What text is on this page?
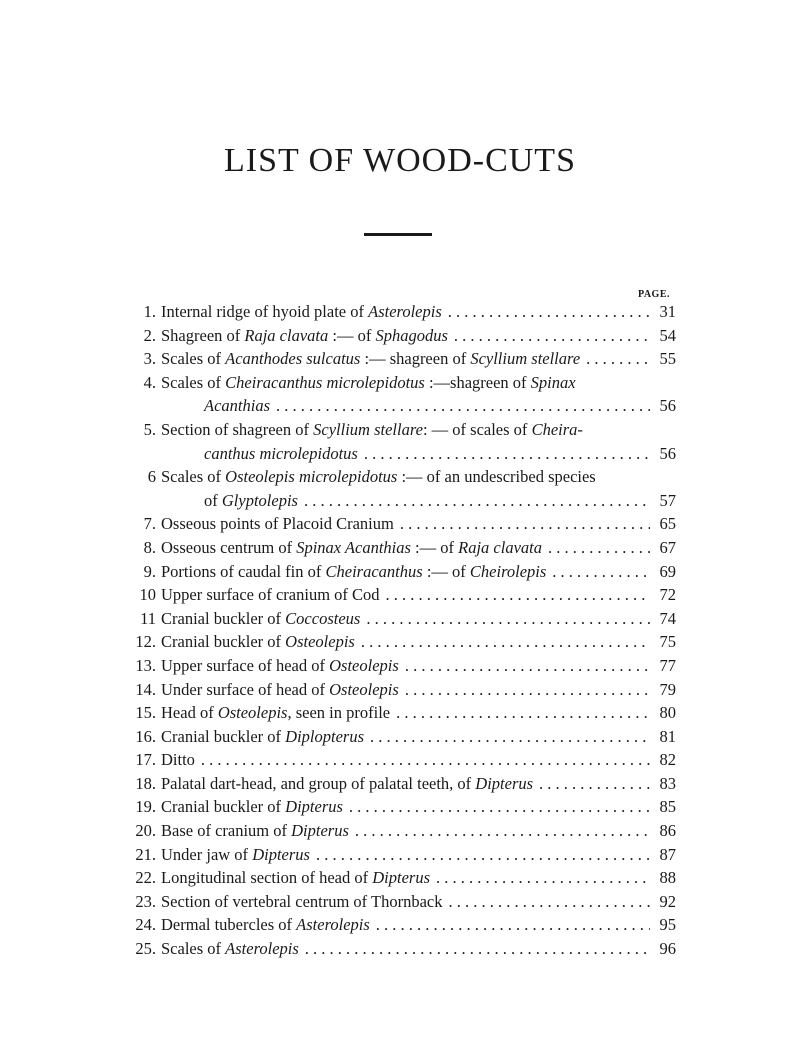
LIST OF WOOD-CUTS
PAGE.
1. Internal ridge of hyoid plate of Asterolepis . . .	31
2. Shagreen of Raja clavata :— of Sphagodus . . .	54
3. Scales of Acanthodes sulcatus :— shagreen of Scyllium stellare . . .	55
4. Scales of Cheiracanthus microlepidotus :—shagreen of Spinax
Acanthias . . .	56
5. Section of shagreen of Scyllium stellare: — of scales of Cheira-
canthus microlepidotus . . .	56
6 Scales of Osteolepis microlepidotus :— of an undescribed species
of Glyptolepis . . .	57
7. Osseous points of Placoid Cranium . . .	65
8. Osseous centrum of Spinax Acanthias :— of Raja clavata . . .	67
9. Portions of caudal fin of Cheiracanthus :— of Cheirolepis . . .	69
10 Upper surface of cranium of Cod . . .	72
11 Cranial buckler of Coccosteus . . .	74
12. Cranial buckler of Osteolepis . . .	75
13. Upper surface of head of Osteolepis . . .	77
14. Under surface of head of Osteolepis . . .	79
15. Head of Osteolepis, seen in profile . . .	80
16. Cranial buckler of Diplopterus . . .	81
17. Ditto . . .	82
18. Palatal dart-head, and group of palatal teeth, of Dipterus . . .	83
19. Cranial buckler of Dipterus . . .	85
20. Base of cranium of Dipterus . . .	86
21. Under jaw of Dipterus . . .	87
22. Longitudinal section of head of Dipterus . . .	88
23. Section of vertebral centrum of Thornback . . .	92
24. Dermal tubercles of Asterolepis . . .	95
25. Scales of Asterolepis . . .	96
